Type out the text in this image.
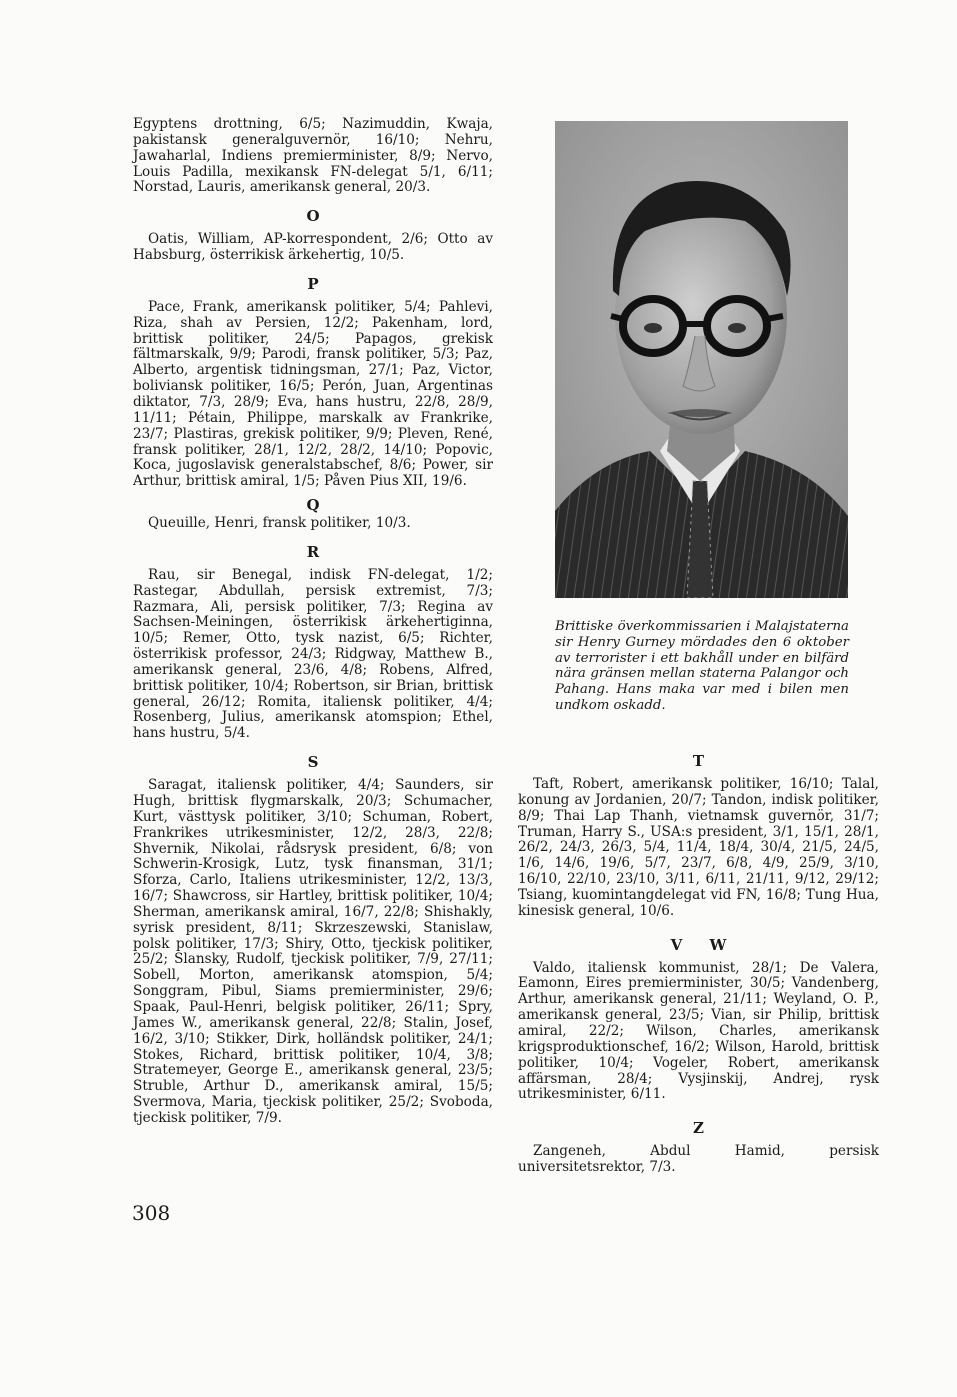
Egyptens drottning, 6/5; Nazimuddin, Kwaja, pakistansk generalguvernör, 16/10; Nehru, Jawaharlal, Indiens premierminister, 8/9; Nervo, Louis Padilla, mexikansk FN-delegat 5/1, 6/11; Norstad, Lauris, amerikansk general, 20/3.

O

Oatis, William, AP-korrespondent, 2/6; Otto av Habsburg, österrikisk ärkehertig, 10/5.

P

Pace, Frank, amerikansk politiker, 5/4; Pahlevi, Riza, shah av Persien, 12/2; Pakenham, lord, brittisk politiker, 24/5; Papagos, grekisk fältmarskalk, 9/9; Parodi, fransk politiker, 5/3; Paz, Alberto, argentisk tidningsman, 27/1; Paz, Victor, boliviansk politiker, 16/5; Perón, Juan, Argentinas diktator, 7/3, 28/9; Eva, hans hustru, 22/8, 28/9, 11/11; Pétain, Philippe, marskalk av Frankrike, 23/7; Plastiras, grekisk politiker, 9/9; Pleven, René, fransk politiker, 28/1, 12/2, 28/2, 14/10; Popovic, Koca, jugoslavisk generalstabschef, 8/6; Power, sir Arthur, brittisk amiral, 1/5; Påven Pius XII, 19/6.

Q

Queuille, Henri, fransk politiker, 10/3.

R

Rau, sir Benegal, indisk FN-delegat, 1/2; Rastegar, Abdullah, persisk extremist, 7/3; Razmara, Ali, persisk politiker, 7/3; Regina av Sachsen-Meiningen, österrikisk ärkehertiginna, 10/5; Remer, Otto, tysk nazist, 6/5; Richter, österrikisk professor, 24/3; Ridgway, Matthew B., amerikansk general, 23/6, 4/8; Robens, Alfred, brittisk politiker, 10/4; Robertson, sir Brian, brittisk general, 26/12; Romita, italiensk politiker, 4/4; Rosenberg, Julius, amerikansk atomspion; Ethel, hans hustru, 5/4.

S

Saragat, italiensk politiker, 4/4; Saunders, sir Hugh, brittisk flygmarskalk, 20/3; Schumacher, Kurt, västtysk politiker, 3/10; Schuman, Robert, Frankrikes utrikesminister, 12/2, 28/3, 22/8; Shvernik, Nikolai, rådsrysk president, 6/8; von Schwerin-Krosigk, Lutz, tysk finansman, 31/1; Sforza, Carlo, Italiens utrikesminister, 12/2, 13/3, 16/7; Shawcross, sir Hartley, brittisk politiker, 10/4; Sherman, amerikansk amiral, 16/7, 22/8; Shishakly, syrisk president, 8/11; Skrzeszewski, Stanislaw, polsk politiker, 17/3; Shiry, Otto, tjeckisk politiker, 25/2; Slansky, Rudolf, tjeckisk politiker, 7/9, 27/11; Sobell, Morton, amerikansk atomspion, 5/4; Songgram, Pibul, Siams premierminister, 29/6; Spaak, Paul-Henri, belgisk politiker, 26/11; Spry, James W., amerikansk general, 22/8; Stalin, Josef, 16/2, 3/10; Stikker, Dirk, holländsk politiker, 24/1; Stokes, Richard, brittisk politiker, 10/4, 3/8; Stratemeyer, George E., amerikansk general, 23/5; Struble, Arthur D., amerikansk amiral, 15/5; Svermova, Maria, tjeckisk politiker, 25/2; Svoboda, tjeckisk politiker, 7/9.

Brittiske överkommissarien i Malajstaterna sir Henry Gurney mördades den 6 oktober av terrorister i ett bakhåll under en bilfärd nära gränsen mellan staterna Palangor och Pahang. Hans maka var med i bilen men undkom oskadd.
T

Taft, Robert, amerikansk politiker, 16/10; Talal, konung av Jordanien, 20/7; Tandon, indisk politiker, 8/9; Thai Lap Thanh, vietnamsk guvernör, 31/7; Truman, Harry S., USA:s president, 3/1, 15/1, 28/1, 26/2, 24/3, 26/3, 5/4, 11/4, 18/4, 30/4, 21/5, 24/5, 1/6, 14/6, 19/6, 5/7, 23/7, 6/8, 4/9, 25/9, 3/10, 16/10, 22/10, 23/10, 3/11, 6/11, 21/11, 9/12, 29/12; Tsiang, kuomintangdelegat vid FN, 16/8; Tung Hua, kinesisk general, 10/6.

V W

Valdo, italiensk kommunist, 28/1; De Valera, Eamonn, Eires premierminister, 30/5; Vandenberg, Arthur, amerikansk general, 21/11; Weyland, O. P., amerikansk general, 23/5; Vian, sir Philip, brittisk amiral, 22/2; Wilson, Charles, amerikansk krigsproduktionschef, 16/2; Wilson, Harold, brittisk politiker, 10/4; Vogeler, Robert, amerikansk affärsman, 28/4; Vysjinskij, Andrej, rysk utrikesminister, 6/11.

Z

Zangeneh, Abdul Hamid, persisk universitetsrektor, 7/3.

308
